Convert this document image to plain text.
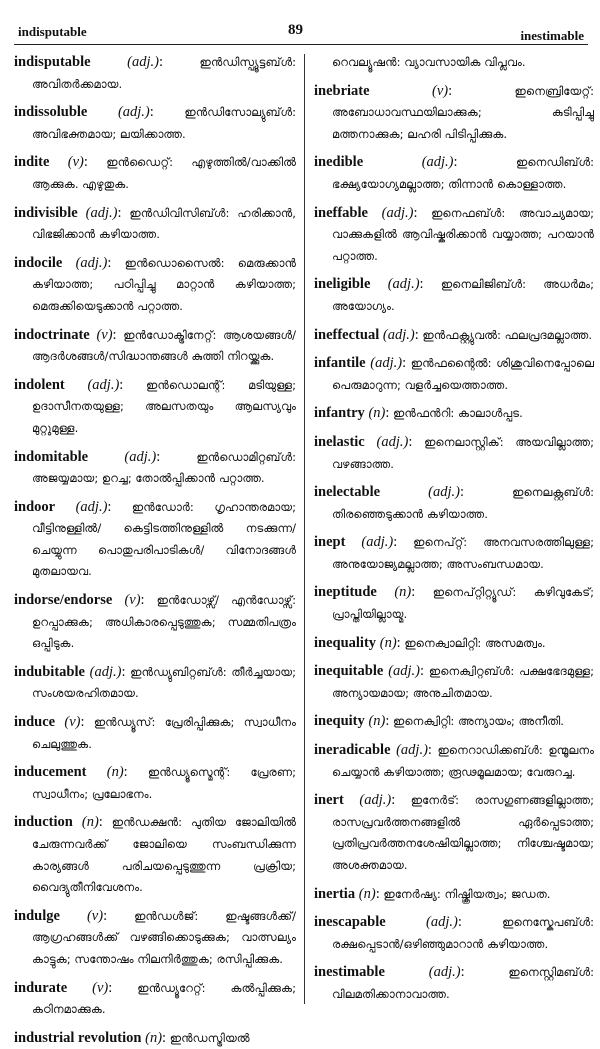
indisputable	89	inestimable

indisputable	(adj.): ഇൻഡിസ്പ്യൂട്ടബ്ൾ: അവിതർക്കമായ.

indissoluble (adj.): ഇൻഡിസോല്യുബ്ൾ: അവിഭക്തമായ; ലയിക്കാത്ത.

indite (v): ഇൻഡൈറ്റ്: എഴുത്തിൽ/വാക്കിൽ ആക്കുക. എഴുതുക.

indivisible (adj.): ഇൻഡിവിസിബ്ൾ: ഹരിക്കാൻ, വിഭജിക്കാൻ കഴിയാത്ത.

indocile (adj.): ഇൻഡൊസൈൽ: മെരുക്കാൻ കഴിയാത്ത; പഠിപ്പിച്ചു മാറ്റാൻ കഴിയാത്ത; മെരുക്കിയെടുക്കാൻ പറ്റാത്ത.

indoctrinate (v): ഇൻഡോക്ട്രിനേറ്റ്: ആശയങ്ങൾ/ആദർശങ്ങൾ/സിദ്ധാന്തങ്ങൾ കുത്തി നിറയ്ക്കുക.

indolent (adj.): ഇൻഡൊലന്റ്: മടിയുള്ള; ഉദാസീനതയുള്ള; അലസതയും ആലസ്യവും മുറ്റുമുള്ള.

indomitable	(adj.): ഇൻഡൊമിറ്റബ്ൾ: അജയ്യമായ; ഉറച്ച; തോൽപ്പിക്കാൻ പറ്റാത്ത.

indoor (adj.): ഇൻഡോർ: ഗൃഹാന്തരമായ; വീട്ടിനുള്ളിൽ/ കെട്ടിടത്തിനുള്ളിൽ നടക്കുന്ന/ ചെയ്യുന്ന പൊതുപരിപാടികൾ/ വിനോദങ്ങൾ മുതലായവ.

indorse/endorse (v): ഇൻഡോഴ്സ്/ എൻഡോഴ്സ്: ഉറപ്പാക്കുക; അധികാരപ്പെടുത്തുക; സമ്മതിപത്രം ഒപ്പിടുക.

indubitable (adj.): ഇൻഡ്യുബിറ്റബ്ൾ: തീർച്ചയായ; സംശയരഹിതമായ.

induce (v): ഇൻഡ്യൂസ്: പ്രേരിപ്പിക്കുക; സ്വാധീനം ചെലുത്തുക.

inducement (n): ഇൻഡ്യൂസ്മെന്റ്: പ്രേരണ; സ്വാധീനം; പ്രലോഭനം.

induction (n): ഇൻഡക്ഷൻ: പുതിയ ജോലിയിൽ ചേരുന്നവർക്ക് ജോലിയെ സംബന്ധിക്കുന്ന കാര്യങ്ങൾ പരിചയപ്പെടുത്തുന്ന പ്രക്രിയ; വൈദ്യുതീനിവേശനം.

indulge (v): ഇൻഡൾജ്: ഇഷ്ടങ്ങൾക്ക്/ആഗ്രഹങ്ങൾക്ക് വഴങ്ങിക്കൊടുക്കുക; വാത്സല്യം കാട്ടുക; സന്തോഷം നിലനിർത്തുക; രസിപ്പിക്കുക.

indurate (v): ഇൻഡ്യൂറേറ്റ്: കൽപ്പിക്കുക; കഠിനമാക്കുക.

industrial revolution (n): ഇൻഡസ്ട്രിയൽ

റെവല്യൂഷൻ: വ്യാവസായിക വിപ്ലവം.

inebriate	(v): ഇനെബ്രിയേറ്റ്: അബോധാവസ്ഥയിലാക്കുക; കുടിപ്പിച്ചു മത്തനാക്കുക; ലഹരി പിടിപ്പിക്കുക.

inedible	(adj.): ഇനെഡിബ്ൾ: ഭക്ഷ്യയോഗ്യമല്ലാത്ത; തിന്നാൻ കൊള്ളാത്ത.

ineffable (adj.): ഇനെഫബ്ൾ: അവാച്യമായ; വാക്കുകളിൽ ആവിഷ്കരിക്കാൻ വയ്യാത്ത; പറയാൻ പറ്റാത്ത.

ineligible (adj.): ഇനെലിജിബ്ൾ: അധർമം; അയോഗ്യം.

ineffectual (adj.): ഇൻഫക്റ്റ്യുവൽ: ഫലപ്രദമല്ലാത്ത.

infantile (adj.): ഇൻഫന്റൈൽ: ശിശുവിനെപ്പോലെ പെരുമാറുന്ന; വളർച്ചയെത്താത്ത.

infantry (n): ഇൻഫൻറി: കാലാൾപ്പട.

inelastic (adj.): ഇനെലാസ്റ്റിക്: അയവില്ലാത്ത; വഴങ്ങാത്ത.

inelectable	(adj.): ഇനെലക്റ്റബ്ൾ: തിരഞ്ഞെടുക്കാൻ കഴിയാത്ത.

inept (adj.): ഇനെപ്റ്റ്: അനവസരത്തിലുള്ള; അനുയോജ്യമല്ലാത്ത; അസംബന്ധമായ.

ineptitude (n): ഇനെപ്റ്റിറ്റ്യൂഡ്: കഴിവുകേട്; പ്രാപ്തിയില്ലായ്മ.

inequality (n): ഇനെക്വാലിറ്റി: അസമത്വം.

inequitable (adj.): ഇനെക്വിറ്റബ്ൾ: പക്ഷഭേദമുള്ള; അന്യായമായ; അനുചിതമായ.

inequity (n): ഇനെക്വിറ്റി: അന്യായം; അനീതി.

ineradicable (adj.): ഇനെറാഡിക്കബ്ൾ: ഉന്മൂലനം ചെയ്യാൻ കഴിയാത്ത; രൂഢമൂലമായ; വേരുറച്ച.

inert (adj.): ഇനേർട്: രാസഗുണങ്ങളില്ലാത്ത; രാസപ്രവർത്തനങ്ങളിൽ ഏർപ്പെടാത്ത; പ്രതിപ്രവർത്തനശേഷിയില്ലാത്ത; നിശ്ചേഷ്ടമായ; അശക്തമായ.

inertia (n): ഇനേർഷ്യ: നിഷ്ക്രിയത്വം; ജഡത.

inescapable	(adj.): ഇനെസ്കേപബ്ൾ: രക്ഷപ്പെടാൻ/ഒഴിഞ്ഞുമാറാൻ കഴിയാത്ത.

inestimable	(adj.): ഇനെസ്റ്റിമബ്ൾ: വിലമതിക്കാനാവാത്ത.
